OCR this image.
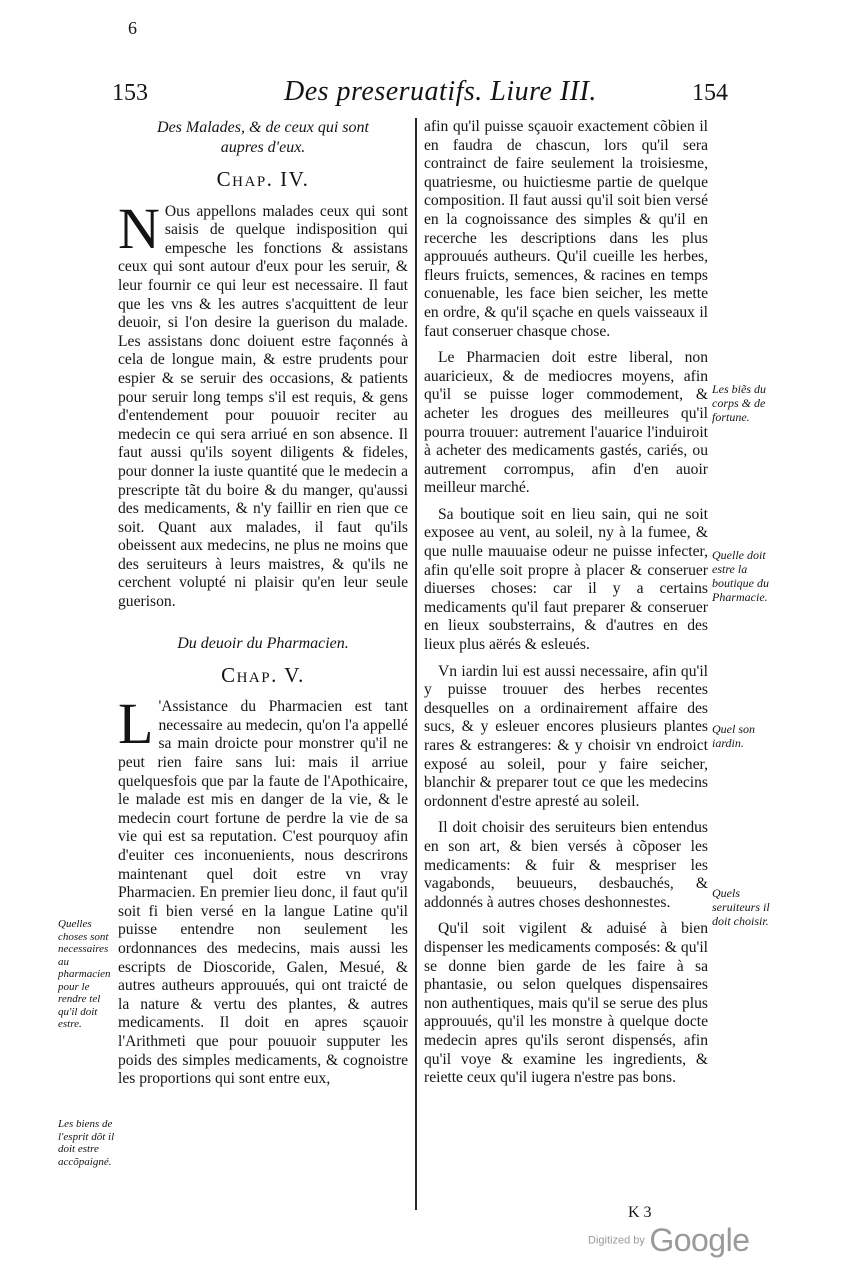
6
153	Des preseruatifs. Liure III.	154
Des Malades, & de ceux qui sont
aupres d'eux.
Chap. IV.

N Ous appellons malades ceux qui sont saisis de quelque indisposition qui empesche les fonctions & assistans ceux qui sont autour d'eux pour les seruir, & leur fournir ce qui leur est necessaire. Il faut que les vns & les autres s'acquittent de leur deuoir, si l'on desire la guerison du malade. Les assistans donc doiuent estre façonnés à cela de longue main, & estre prudents pour espier & se seruir des occasions, & patients pour seruir long temps s'il est requis, & gens d'entendement pour pouuoir reciter au medecin ce qui sera arriué en son absence. Il faut aussi qu'ils soyent diligents & fideles, pour donner la iuste quantité que le medecin a prescripte tãt du boire & du manger, qu'aussi des medicaments, & n'y faillir en rien que ce soit. Quant aux malades, il faut qu'ils obeissent aux medecins, ne plus ne moins que des seruiteurs à leurs maistres, & qu'ils ne cerchent volupté ni plaisir qu'en leur seule guerison.

Du deuoir du Pharmacien.
Chap. V.

L 'Assistance du Pharmacien est tant necessaire au medecin, qu'on l'a appellé sa main droicte pour monstrer qu'il ne peut rien faire sans lui: mais il arriue quelquesfois que par la faute de l'Apothicaire, le malade est mis en danger de la vie, & le medecin court fortune de perdre la vie de sa vie qui est sa reputation. C'est pourquoy afin d'euiter ces inconuenients, nous descrirons maintenant quel doit estre vn vray Pharmacien. En premier lieu donc, il faut qu'il soit fi bien versé en la langue Latine qu'il puisse entendre non seulement les ordonnances des medecins, mais aussi les escripts de Dioscoride, Galen, Mesué, & autres autheurs approuués, qui ont traicté de la nature & vertu des plantes, & autres medicaments. Il doit en apres sçauoir l'Arithmeti que pour pouuoir supputer les poids des simples medicaments, & cognoistre les proportions qui sont entre eux,

afin qu'il puisse sçauoir exactement cõbien il en faudra de chascun, lors qu'il sera contrainct de faire seulement la troisiesme, quatriesme, ou huictiesme partie de quelque composition. Il faut aussi qu'il soit bien versé en la cognoissance des simples & qu'il en recerche les descriptions dans les plus approuués autheurs. Qu'il cueille les herbes, fleurs fruicts, semences, & racines en temps conuenable, les face bien seicher, les mette en ordre, & qu'il sçache en quels vaisseaux il faut conseruer chasque chose.

Le Pharmacien doit estre liberal, non auaricieux, & de mediocres moyens, afin qu'il se puisse loger commodement, & acheter les drogues des meilleures qu'il pourra trouuer: autrement l'auarice l'induiroit à acheter des medicaments gastés, cariés, ou autrement corrompus, afin d'en auoir meilleur marché.

Sa boutique soit en lieu sain, qui ne soit exposee au vent, au soleil, ny à la fumee, & que nulle mauuaise odeur ne puisse infecter, afin qu'elle soit propre à placer & conseruer diuerses choses: car il y a certains medicaments qu'il faut preparer & conseruer en lieux soubsterrains, & d'autres en des lieux plus aërés & esleués.

Vn iardin lui est aussi necessaire, afin qu'il y puisse trouuer des herbes recentes desquelles on a ordinairement affaire des sucs, & y esleuer encores plusieurs plantes rares & estrangeres: & y choisir vn endroict exposé au soleil, pour y faire seicher, blanchir & preparer tout ce que les medecins ordonnent d'estre apresté au soleil.

Il doit choisir des seruiteurs bien entendus en son art, & bien versés à cõposer les medicaments: & fuir & mespriser les vagabonds, beuueurs, desbauchés, & addonnés à autres choses deshonnestes.

Qu'il soit vigilent & aduisé à bien dispenser les medicaments composés: & qu'il se donne bien garde de les faire à sa phantasie, ou selon quelques dispensaires non authentiques, mais qu'il se serue des plus approuués, qu'il les monstre à quelque docte medecin apres qu'ils seront dispensés, afin qu'il voye & examine les ingredients, & reiette ceux qu'il iugera n'estre pas bons.

Les biẽs du corps & de fortune.
Quelle doit estre la boutique du Pharmacie.
Quel son iardin.
Quels seruiteurs il doit choisir.
Quelles choses sont necessaires au pharmacien pour le rendre tel qu'il doit estre.
Les biens de l'esprit dõt il doit estre accõpaigné.
K 3
Digitized by Google
